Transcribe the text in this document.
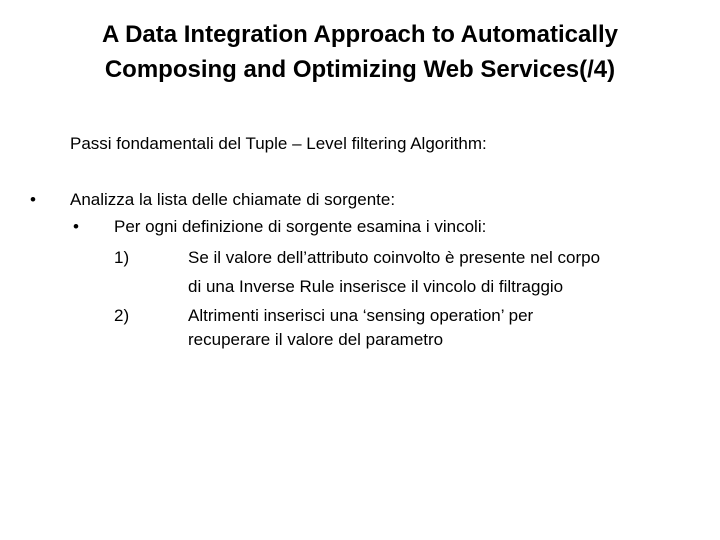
A Data Integration Approach to Automatically
Composing and Optimizing Web Services(/4)
Passi fondamentali del Tuple – Level filtering Algorithm:
• Analizza la lista delle chiamate di sorgente:
• Per ogni definizione di sorgente esamina i vincoli:
1)	Se il valore dell’attributo coinvolto è presente nel corpo
di una Inverse Rule inserisce il vincolo di filtraggio
2)	Altrimenti inserisci una ‘sensing operation’ per
recuperare il valore del parametro
